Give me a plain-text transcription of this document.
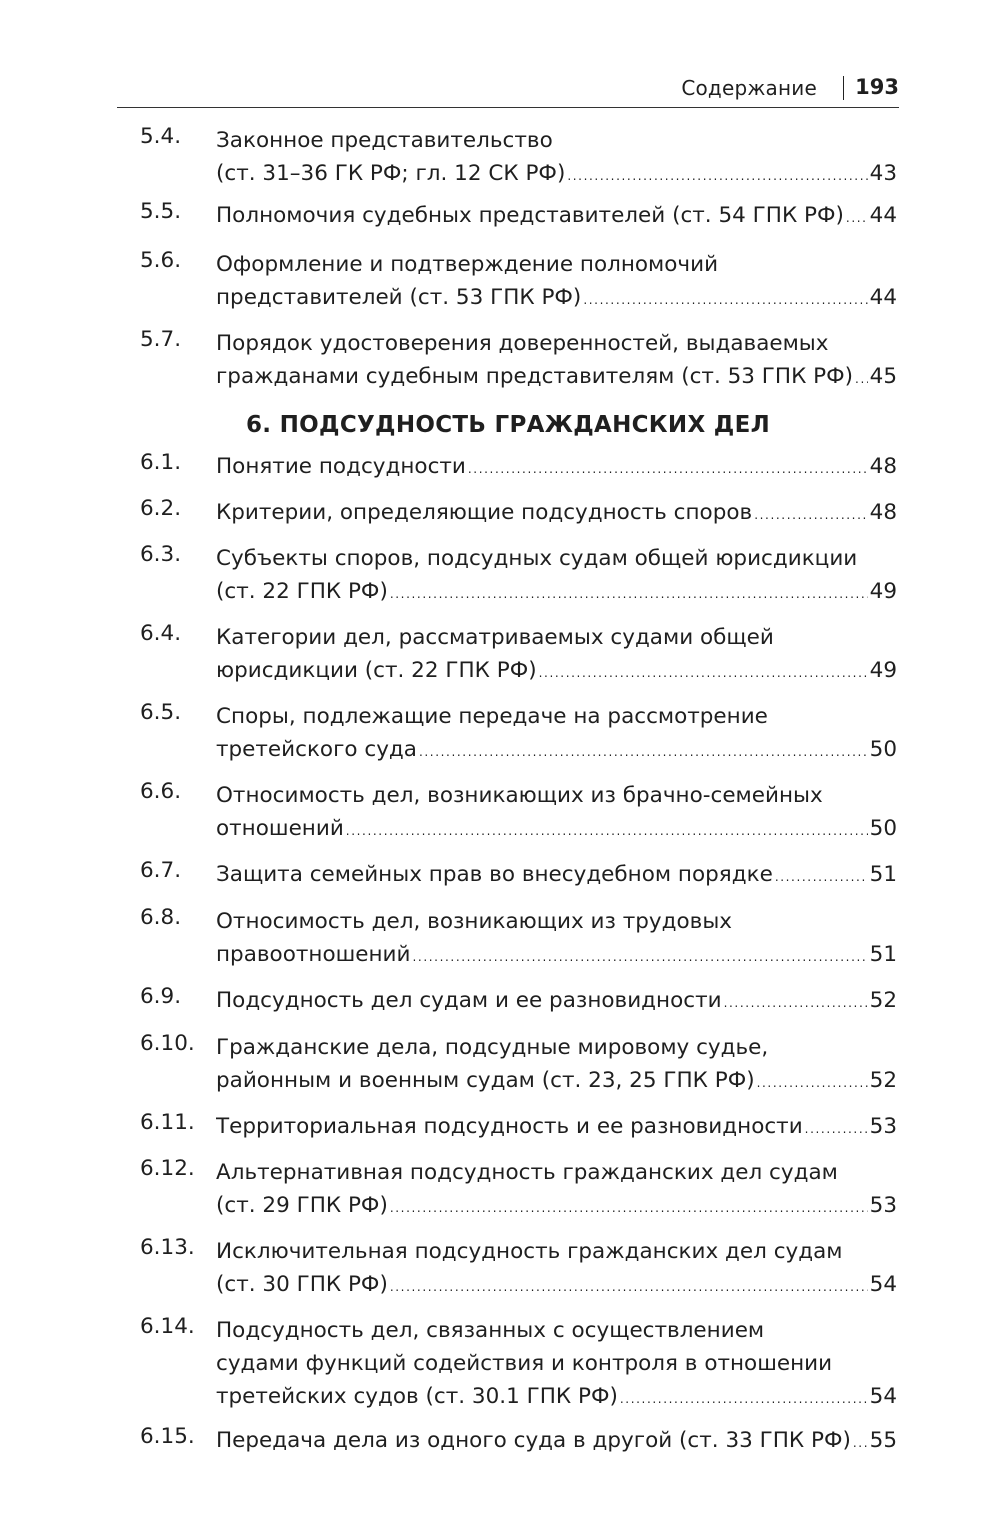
Содержание 193
6. ПОДСУДНОСТЬ ГРАЖДАНСКИХ ДЕЛ
5.4. Законное представительство
(ст. 31–36 ГК РФ; гл. 12 СК РФ) .....	43
5.5. Полномочия судебных представителей (ст. 54 ГПК РФ) ..... 44
5.6. Оформление и подтверждение полномочий
представителей (ст. 53 ГПК РФ) .....	44
5.7. Порядок удостоверения доверенностей, выдаваемых
гражданами судебным представителям (ст. 53 ГПК РФ) ..... 45
6.1. Понятие подсудности .....	48
6.2. Критерии, определяющие подсудность споров .....	48
6.3. Субъекты споров, подсудных судам общей юрисдикции
(ст. 22 ГПК РФ) .....	49
6.4. Категории дел, рассматриваемых судами общей
юрисдикции (ст. 22 ГПК РФ) .....	49
6.5. Споры, подлежащие передаче на рассмотрение
третейского суда .....	50
6.6. Относимость дел, возникающих из брачно-семейных
отношений .....	50
6.7. Защита семейных прав во внесудебном порядке .....	51
6.8. Относимость дел, возникающих из трудовых
правоотношений .....	51
6.9. Подсудность дел судам и ее разновидности .....	52
6.10. Гражданские дела, подсудные мировому судье,
районным и военным судам (ст. 23, 25 ГПК РФ) .....	52
6.11. Территориальная подсудность и ее разновидности .....	53
6.12. Альтернативная подсудность гражданских дел судам
(ст. 29 ГПК РФ) .....	53
6.13. Исключительная подсудность гражданских дел судам
(ст. 30 ГПК РФ) .....	54
6.14. Подсудность дел, связанных с осуществлением
судами функций содействия и контроля в отношении
третейских судов (ст. 30.1 ГПК РФ) .....	54
6.15. Передача дела из одного суда в другой (ст. 33 ГПК РФ) ..... 55
